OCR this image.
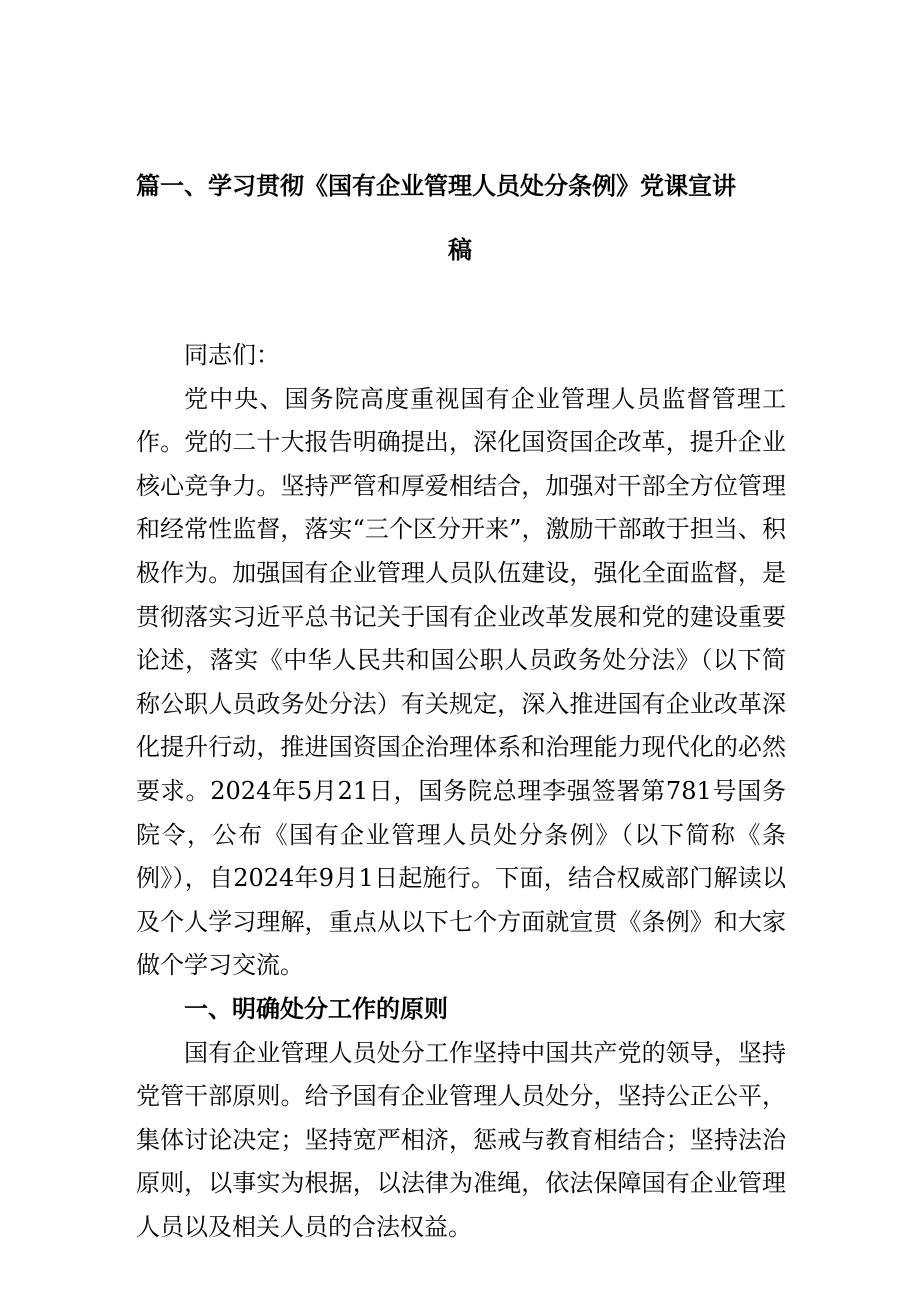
篇一、学习贯彻《国有企业管理人员处分条例》党课宣讲
稿

同志们：

党中央、国务院高度重视国有企业管理人员监督管理工作。党的二十大报告明确提出，深化国资国企改革，提升企业核心竞争力。坚持严管和厚爱相结合，加强对干部全方位管理和经常性监督，落实“三个区分开来”，激励干部敢于担当、积极作为。加强国有企业管理人员队伍建设，强化全面监督，是贯彻落实习近平总书记关于国有企业改革发展和党的建设重要论述，落实《中华人民共和国公职人员政务处分法》（以下简称公职人员政务处分法）有关规定，深入推进国有企业改革深化提升行动，推进国资国企治理体系和治理能力现代化的必然要求。2024年5月21日，国务院总理李强签署第781号国务院令，公布《国有企业管理人员处分条例》（以下简称《条例》），自2024年9月1日起施行。下面，结合权威部门解读以及个人学习理解，重点从以下七个方面就宣贯《条例》和大家做个学习交流。

一、明确处分工作的原则

国有企业管理人员处分工作坚持中国共产党的领导，坚持党管干部原则。给予国有企业管理人员处分，坚持公正公平，集体讨论决定；坚持宽严相济，惩戒与教育相结合；坚持法治原则，以事实为根据，以法律为准绳，依法保障国有企业管理人员以及相关人员的合法权益。
